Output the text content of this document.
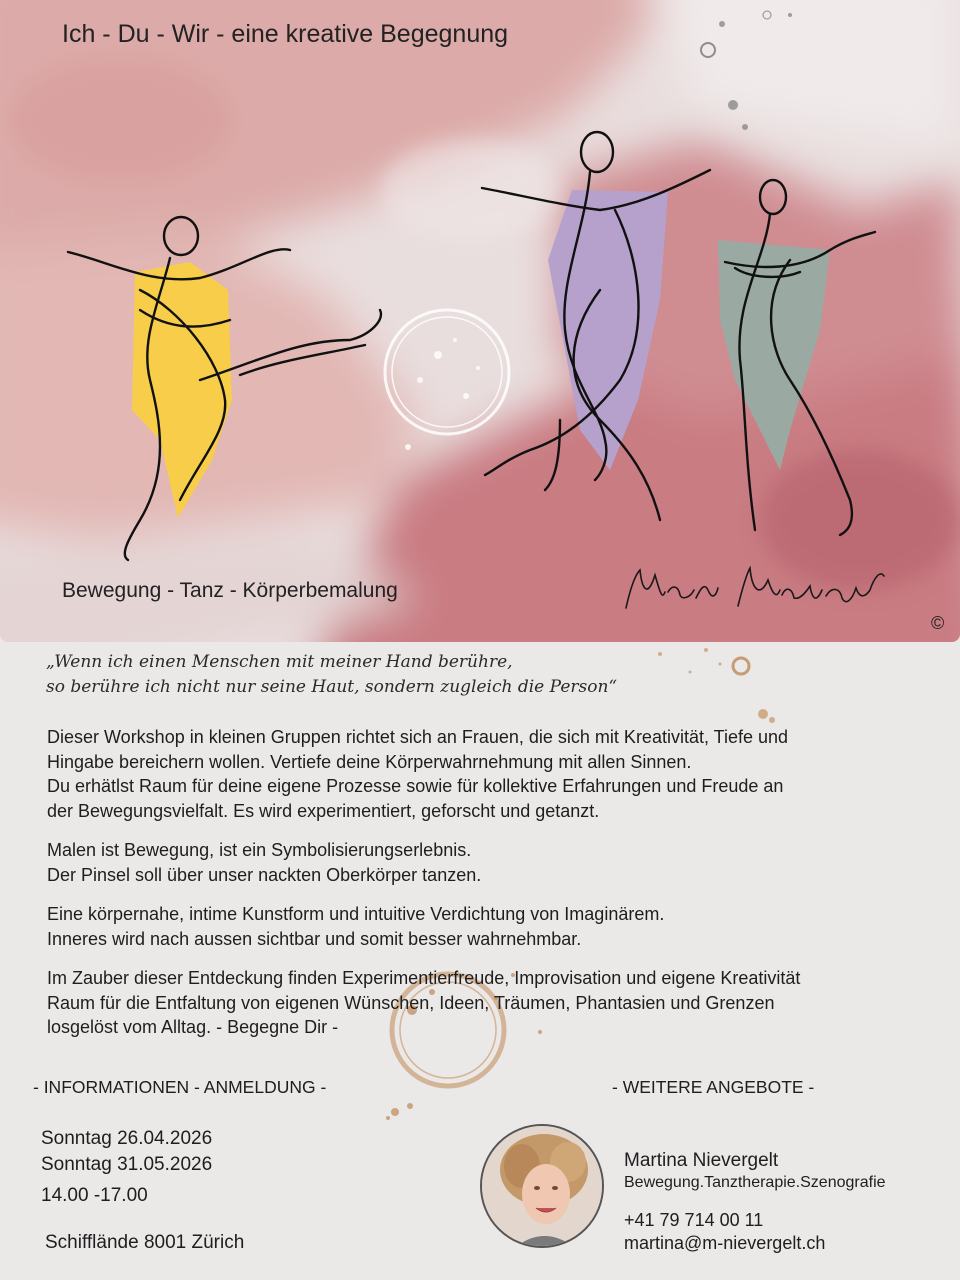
Ich - Du - Wir - eine kreative Begegnung
Bewegung - Tanz - Körperbemalung
©
„Wenn ich einen Menschen mit meiner Hand berühre,
so berühre ich nicht nur seine Haut, sondern zugleich die Person“
Dieser Workshop in kleinen Gruppen richtet sich an Frauen, die sich mit Kreativität, Tiefe und
Hingabe bereichern wollen. Vertiefe deine Körperwahrnehmung mit allen Sinnen.
Du erhätlst Raum für deine eigene Prozesse sowie für kollektive Erfahrungen und Freude an
der Bewegungsvielfalt. Es wird experimentiert, geforscht und getanzt.
Malen ist Bewegung, ist ein Symbolisierungserlebnis.
Der Pinsel soll über unser nackten Oberkörper tanzen.
Eine körpernahe, intime Kunstform und intuitive Verdichtung von Imaginärem.
Inneres wird nach aussen sichtbar und somit besser wahrnehmbar.
Im Zauber dieser Entdeckung finden Experimentierfreude, Improvisation und eigene Kreativität
Raum für die Entfaltung von eigenen Wünschen, Ideen, Träumen, Phantasien und Grenzen
losgelöst vom Alltag. - Begegne Dir -
- INFORMATIONEN - ANMELDUNG -	- WEITERE ANGEBOTE -
Sonntag 26.04.2026
Sonntag 31.05.2026
14.00 -17.00
Schifflände 8001 Zürich
Martina Nievergelt
Bewegung.Tanztherapie.Szenografie
+41 79 714 00 11
martina@m-nievergelt.ch
